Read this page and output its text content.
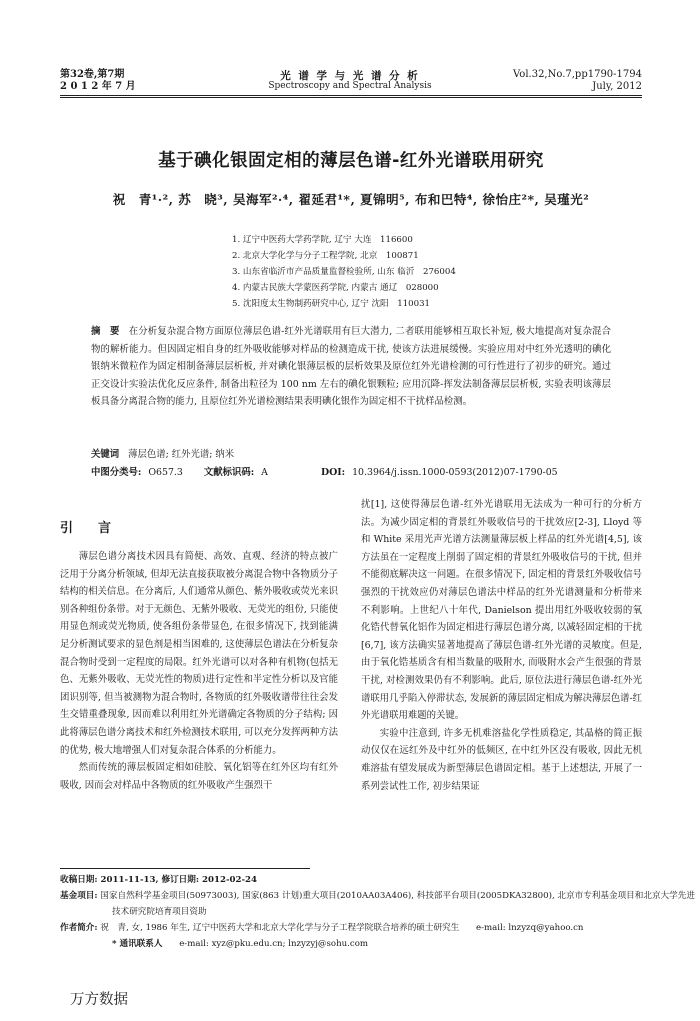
第32卷,第7期
2 0 1 2 年 7 月
光 谱 学 与 光 谱 分 析
Spectroscopy and Spectral Analysis
Vol.32,No.7,pp1790-1794
July, 2012
基于碘化银固定相的薄层色谱-红外光谱联用研究
祝　青¹·², 苏　晓³, 吴海军²·⁴, 翟延君¹*, 夏锦明⁵, 布和巴特⁴, 徐怡庄²*, 吴瑾光²
1. 辽宁中医药大学药学院, 辽宁 大连　116600
2. 北京大学化学与分子工程学院, 北京　100871
3. 山东省临沂市产品质量监督检验所, 山东 临沂　276004
4. 内蒙古民族大学蒙医药学院, 内蒙古 通辽　028000
5. 沈阳度太生物制药研究中心, 辽宁 沈阳　110031
摘　要 在分析复杂混合物方面原位薄层色谱-红外光谱联用有巨大潜力, 二者联用能够相互取长补短, 极大地提高对复杂混合物的解析能力。但因固定相自身的红外吸收能够对样品的检测造成干扰, 使该方法进展缓慢。实验应用对中红外光透明的碘化银纳米微粒作为固定相制备薄层层析板, 并对碘化银薄层板的层析效果及原位红外光谱检测的可行性进行了初步的研究。通过正交设计实验法优化反应条件, 制备出粒径为 100 nm 左右的碘化银颗粒; 应用沉降-挥发法制备薄层层析板, 实验表明该薄层板具备分离混合物的能力, 且原位红外光谱检测结果表明碘化银作为固定相不干扰样品检测。
关键词 薄层色谱; 红外光谱; 纳米
中图分类号: O657.3 文献标识码: A	DOI: 10.3964/j.issn.1000-0593(2012)07-1790-05
引　言

薄层色谱分离技术因具有简便、高效、直观、经济的特点被广泛用于分离分析领域, 但却无法直接获取被分离混合物中各物质分子结构的相关信息。在分离后, 人们通常从颜色、紫外吸收或荧光来识别各种组份条带。对于无颜色、无紫外吸收、无荧光的组份, 只能使用显色剂或荧光物质, 使各组份条带显色, 在很多情况下, 找到能满足分析测试要求的显色剂是相当困难的, 这使薄层色谱法在分析复杂混合物时受到一定程度的局限。红外光谱可以对各种有机物(包括无色、无紫外吸收、无荧光性的物质)进行定性和半定性分析以及官能团识别等, 但当被测物为混合物时, 各物质的红外吸收谱带往往会发生交错重叠现象, 因而难以利用红外光谱确定各物质的分子结构; 因此将薄层色谱分离技术和红外检测技术联用, 可以充分发挥两种方法的优势, 极大地增强人们对复杂混合体系的分析能力。

然而传统的薄层板固定相如硅胶、氧化铝等在红外区均有红外吸收, 因而会对样品中各物质的红外吸收产生强烈干

扰[1], 这使得薄层色谱-红外光谱联用无法成为一种可行的分析方法。为减少固定相的背景红外吸收信号的干扰效应[2-3], Lloyd 等和 White 采用光声光谱方法测量薄层板上样品的红外光谱[4,5], 该方法虽在一定程度上削弱了固定相的背景红外吸收信号的干扰, 但并不能彻底解决这一问题。在很多情况下, 固定相的背景红外吸收信号强烈的干扰效应仍对薄层色谱法中样品的红外光谱测量和分析带来不利影响。上世纪八十年代, Danielson 提出用红外吸收较弱的氧化锆代替氧化铝作为固定相进行薄层色谱分离, 以减轻固定相的干扰[6,7], 该方法确实显著地提高了薄层色谱-红外光谱的灵敏度。但是, 由于氧化锆基质含有相当数量的吸附水, 而吸附水会产生很强的背景干扰, 对检测效果仍有不利影响。此后, 原位法进行薄层色谱-红外光谱联用几乎陷入停滞状态, 发展新的薄层固定相成为解决薄层色谱-红外光谱联用难题的关键。

实验中注意到, 许多无机难溶盐化学性质稳定, 其晶格的简正振动仅仅在远红外及中红外的低频区, 在中红外区没有吸收, 因此无机难溶盐有望发展成为新型薄层色谱固定相。基于上述想法, 开展了一系列尝试性工作, 初步结果证

收稿日期: 2011-11-13, 修订日期: 2012-02-24
基金项目: 国家自然科学基金项目(50973003), 国家(863 计划)重大项目(2010AA03A406), 科技部平台项目(2005DKA32800), 北京市专利基金项目和北京大学先进技术研究院培育项目资助
作者简介: 祝　青, 女, 1986 年生, 辽宁中医药大学和北京大学化学与分子工程学院联合培养的硕士研究生 e-mail: lnzyzq@yahoo.cn
* 通讯联系人 e-mail: xyz@pku.edu.cn; lnzyzyj@sohu.com
万方数据
